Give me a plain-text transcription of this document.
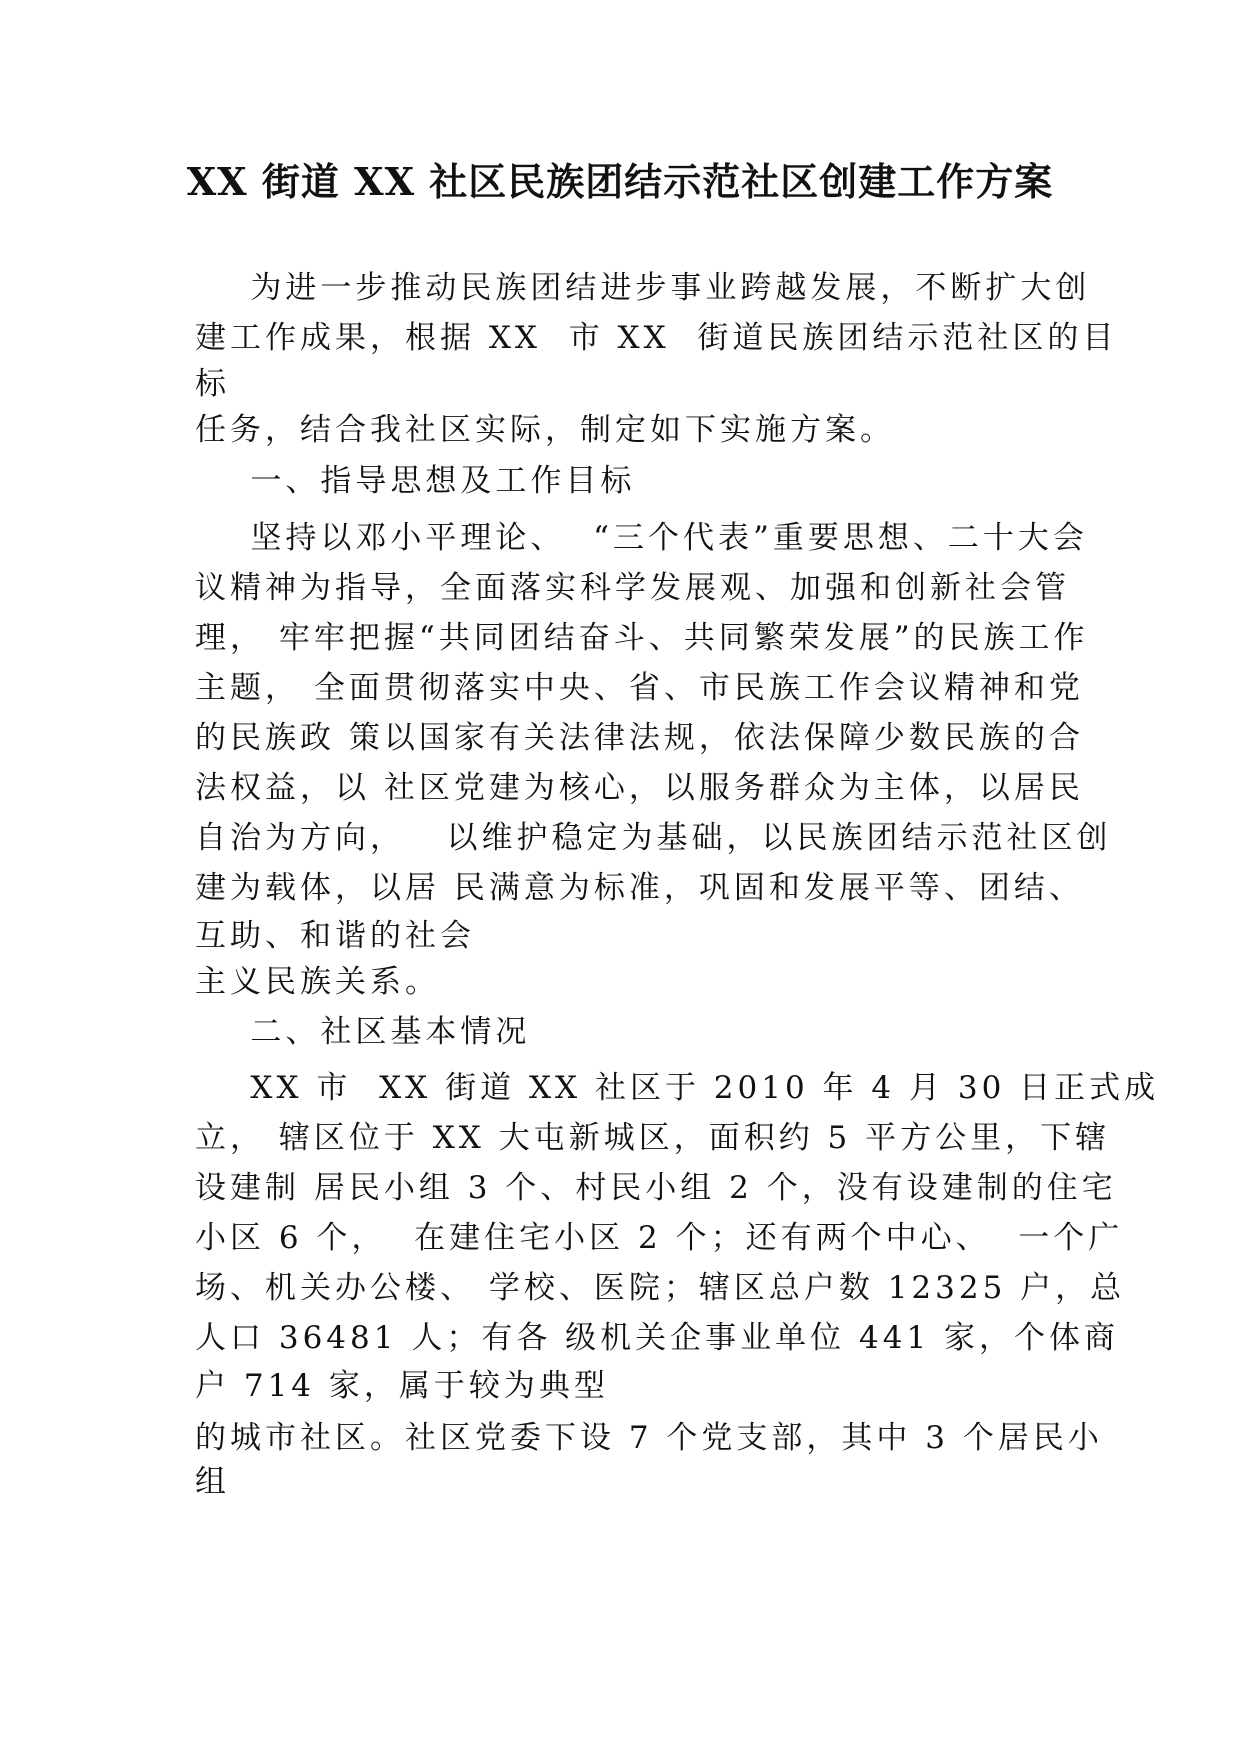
XX 街道 XX 社区民族团结示范社区创建工作方案

为进一步推动民族团结进步事业跨越发展，不断扩大创

建工作成果，根据 XX  市 XX  街道民族团结示范社区的目

标

任务，结合我社区实际，制定如下实施方案。

一、指导思想及工作目标

坚持以邓小平理论、  “三个代表”重要思想、二十大会

议精神为指导，全面落实科学发展观、加强和创新社会管

理， 牢牢把握“共同团结奋斗、共同繁荣发展”的民族工作

主题， 全面贯彻落实中央、省、市民族工作会议精神和党

的民族政 策以国家有关法律法规，依法保障少数民族的合

法权益，以 社区党建为核心，以服务群众为主体，以居民

自治为方向，   以维护稳定为基础，以民族团结示范社区创

建为载体，以居 民满意为标准，巩固和发展平等、团结、

互助、和谐的社会

主义民族关系。

二、社区基本情况

XX 市  XX 街道 XX 社区于 2010 年 4 月 30 日正式成

立， 辖区位于 XX 大屯新城区，面积约 5 平方公里，下辖

设建制 居民小组 3 个、村民小组 2 个，没有设建制的住宅

小区 6 个，  在建住宅小区 2 个；还有两个中心、  一个广

场、机关办公楼、 学校、医院；辖区总户数 12325 户，总

人口 36481 人；有各 级机关企事业单位 441 家，个体商

户 714 家，属于较为典型

的城市社区。社区党委下设 7 个党支部，其中 3 个居民小

组
